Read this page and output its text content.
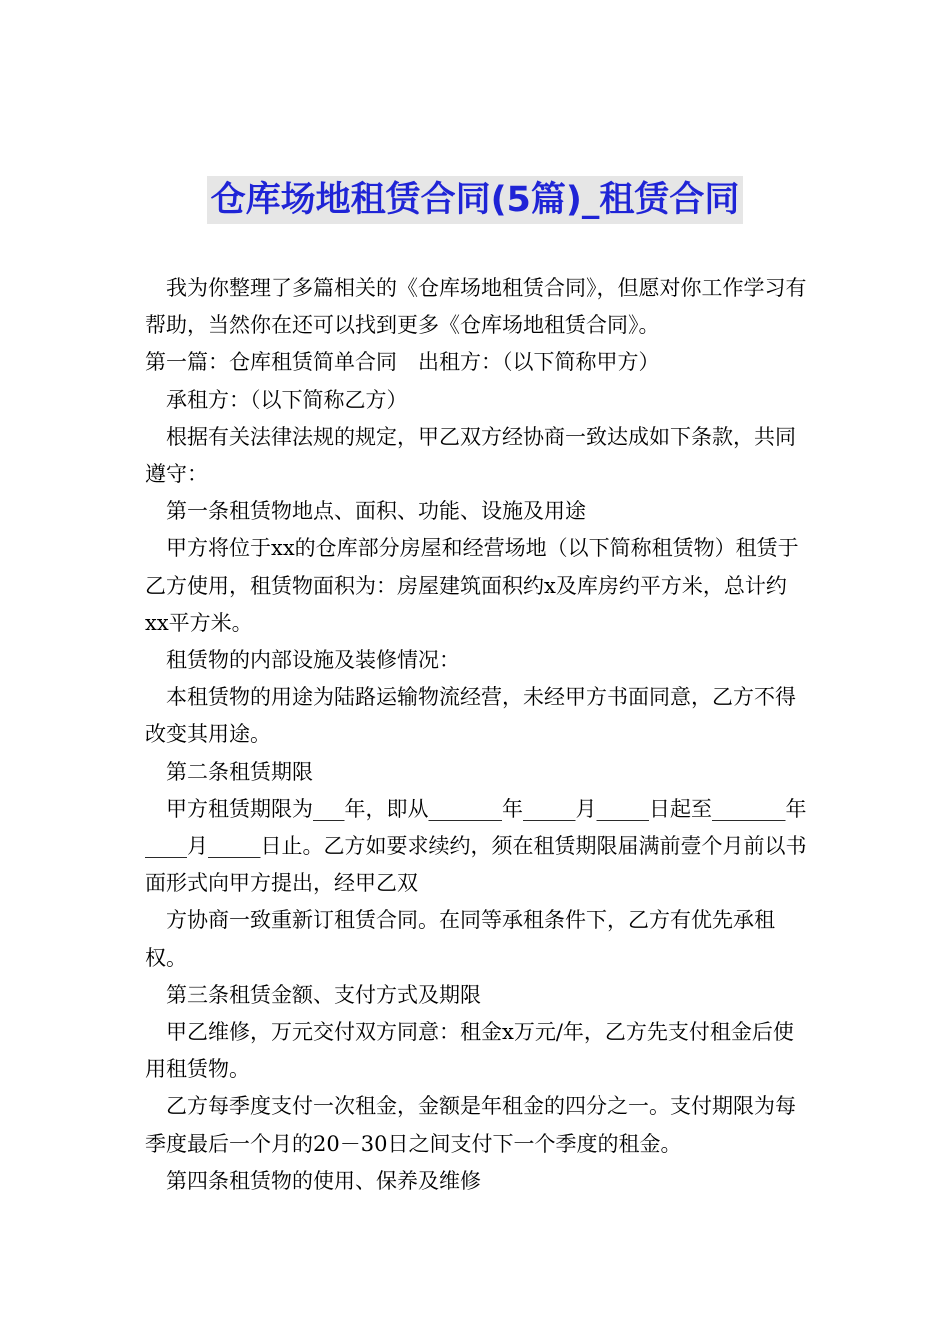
仓库场地租赁合同(5篇)_租赁合同

我为你整理了多篇相关的《仓库场地租赁合同》，但愿对你工作学习有帮助，当然你在还可以找到更多《仓库场地租赁合同》。

第一篇：仓库租赁简单合同　出租方：（以下简称甲方）

承租方：（以下简称乙方）

根据有关法律法规的规定，甲乙双方经协商一致达成如下条款，共同遵守：

第一条租赁物地点、面积、功能、设施及用途

甲方将位于xx的仓库部分房屋和经营场地（以下简称租赁物）租赁于乙方使用，租赁物面积为：房屋建筑面积约x及库房约平方米，总计约xx平方米。

租赁物的内部设施及装修情况：

本租赁物的用途为陆路运输物流经营，未经甲方书面同意，乙方不得改变其用途。

第二条租赁期限

甲方租赁期限为___年，即从_______年_____月_____日起至_______年____月_____日止。乙方如要求续约，须在租赁期限届满前壹个月前以书面形式向甲方提出，经甲乙双

方协商一致重新订租赁合同。在同等承租条件下，乙方有优先承租权。

第三条租赁金额、支付方式及期限

甲乙维修，万元交付双方同意：租金x万元/年，乙方先支付租金后使用租赁物。

乙方每季度支付一次租金，金额是年租金的四分之一。支付期限为每季度最后一个月的20－30日之间支付下一个季度的租金。

第四条租赁物的使用、保养及维修
